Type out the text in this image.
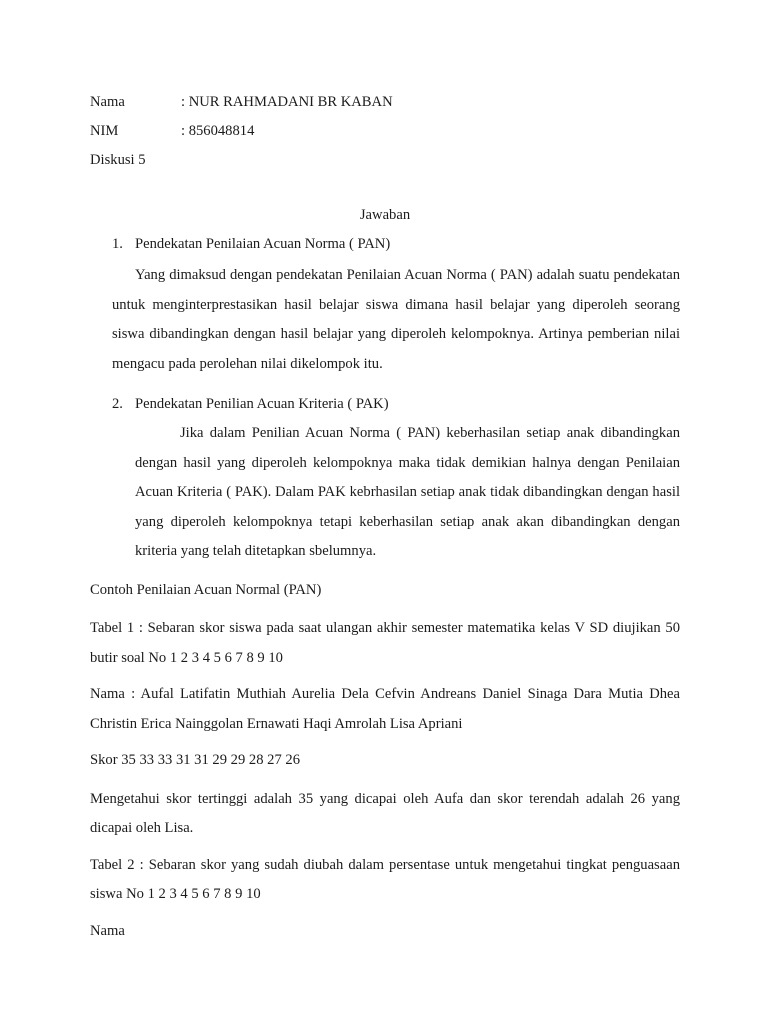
Nama	: NUR RAHMADANI BR KABAN
NIM	: 856048814
Diskusi 5
Jawaban
1. Pendekatan Penilaian Acuan Norma ( PAN)

Yang dimaksud dengan pendekatan Penilaian Acuan Norma ( PAN) adalah suatu pendekatan untuk menginterprestasikan hasil belajar siswa dimana hasil belajar yang diperoleh seorang siswa dibandingkan dengan hasil belajar yang diperoleh kelompoknya. Artinya pemberian nilai mengacu pada perolehan nilai dikelompok itu.

2. Pendekatan Penilian Acuan Kriteria ( PAK)

Jika dalam Penilian Acuan Norma ( PAN) keberhasilan setiap anak dibandingkan dengan hasil yang diperoleh kelompoknya maka tidak demikian halnya dengan Penilaian Acuan Kriteria ( PAK). Dalam PAK kebrhasilan setiap anak tidak dibandingkan dengan hasil yang diperoleh kelompoknya tetapi keberhasilan setiap anak akan dibandingkan dengan kriteria yang telah ditetapkan sbelumnya.

Contoh Penilaian Acuan Normal (PAN)

Tabel 1 : Sebaran skor siswa pada saat ulangan akhir semester matematika kelas V SD diujikan 50 butir soal No 1 2 3 4 5 6 7 8 9 10

Nama : Aufal Latifatin Muthiah Aurelia Dela Cefvin Andreans Daniel Sinaga Dara Mutia Dhea Christin Erica Nainggolan Ernawati Haqi Amrolah Lisa Apriani

Skor 35 33 33 31 31 29 29 28 27 26

Mengetahui skor tertinggi adalah 35 yang dicapai oleh Aufa dan skor terendah adalah 26 yang dicapai oleh Lisa.

Tabel 2 : Sebaran skor yang sudah diubah dalam persentase untuk mengetahui tingkat penguasaan siswa No 1 2 3 4 5 6 7 8 9 10

Nama
